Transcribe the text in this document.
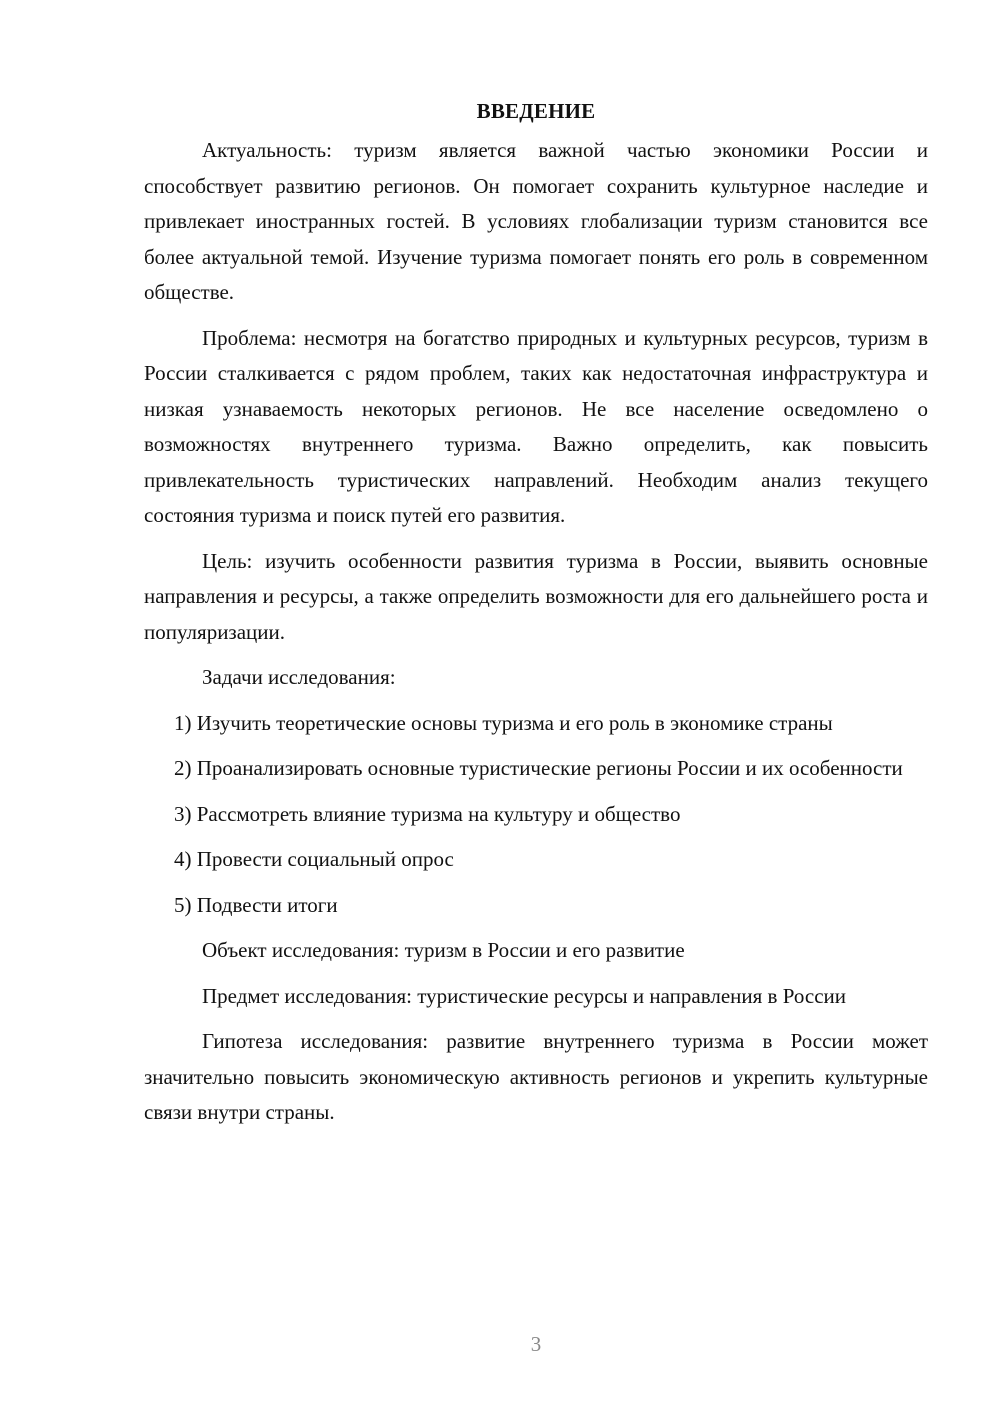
ВВЕДЕНИЕ

Актуальность: туризм является важной частью экономики России и способствует развитию регионов. Он помогает сохранить культурное наследие и привлекает иностранных гостей. В условиях глобализации туризм становится все более актуальной темой. Изучение туризма помогает понять его роль в современном обществе.

Проблема: несмотря на богатство природных и культурных ресурсов, туризм в России сталкивается с рядом проблем, таких как недостаточная инфраструктура и низкая узнаваемость некоторых регионов. Не все население осведомлено о возможностях внутреннего туризма. Важно определить, как повысить привлекательность туристических направлений. Необходим анализ текущего состояния туризма и поиск путей его развития.

Цель: изучить особенности развития туризма в России, выявить основные направления и ресурсы, а также определить возможности для его дальнейшего роста и популяризации.

Задачи исследования:

1) Изучить теоретические основы туризма и его роль в экономике страны

2) Проанализировать основные туристические регионы России и их особенности

3) Рассмотреть влияние туризма на культуру и общество

4) Провести социальный опрос

5) Подвести итоги

Объект исследования: туризм в России и его развитие

Предмет исследования: туристические ресурсы и направления в России

Гипотеза исследования: развитие внутреннего туризма в России может значительно повысить экономическую активность регионов и укрепить культурные связи внутри страны.

3
